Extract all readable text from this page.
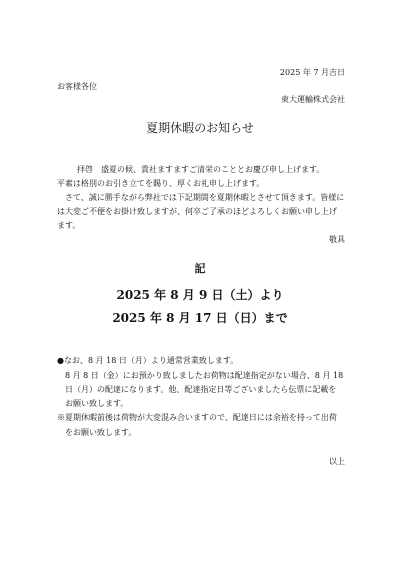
2025 年 7 月吉日
お客様各位
東大運輸株式会社
夏期休暇のお知らせ
拝啓　盛夏の候、貴社ますますご清栄のこととお慶び申し上げます。
平素は格別のお引き立てを賜り、厚くお礼申し上げます。
さて、誠に勝手ながら弊社では下記期間を夏期休暇とさせて頂きます。皆様に
は大変ご不便をお掛け致しますが、何卒ご了承のほどよろしくお願い申し上げ
ます。
敬具
記
2025 年 8 月 9 日（土）より
2025 年 8 月 17 日（日）まで
●なお、8 月 18 日（月）より通常営業致します。
8 月 8 日（金）にお預かり致しましたお荷物は配達指定がない場合、8 月 18
日（月）の配達になります。他、配達指定日等ございましたら伝票に記載を
お願い致します。
※夏期休暇前後は荷物が大変混み合いますので、配達日には余裕を持って出荷
をお願い致します。
以上
